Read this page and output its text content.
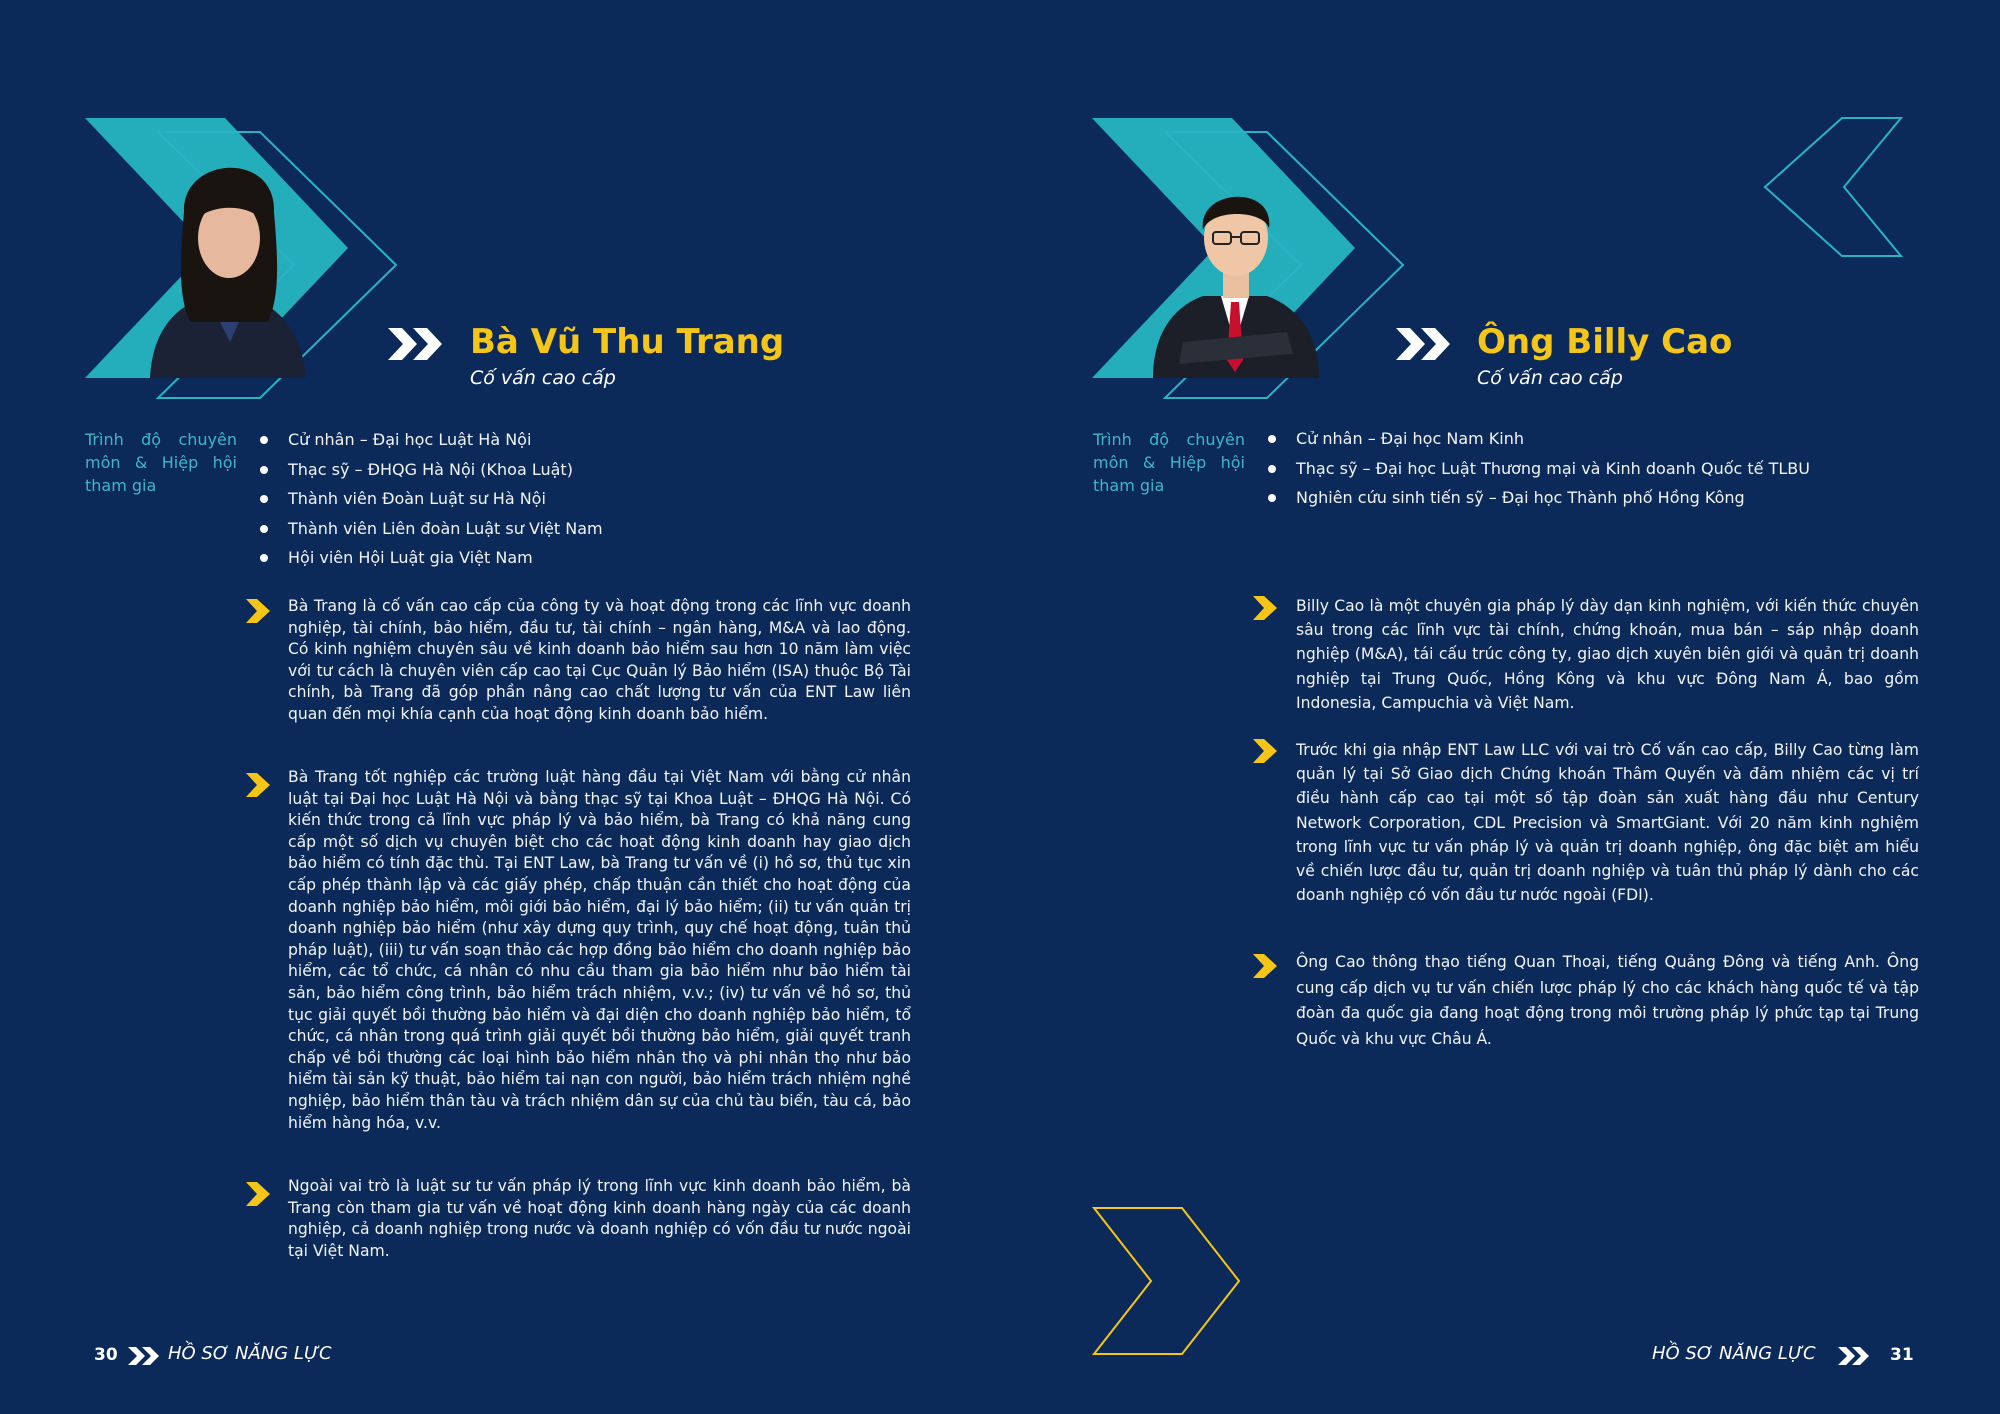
Bà Vũ Thu Trang
Cố vấn cao cấp
Trình độ chuyên môn & Hiệp hội tham gia
Cử nhân – Đại học Luật Hà Nội
Thạc sỹ – ĐHQG Hà Nội (Khoa Luật)
Thành viên Đoàn Luật sư Hà Nội
Thành viên Liên đoàn Luật sư Việt Nam
Hội viên Hội Luật gia Việt Nam
Bà Trang là cố vấn cao cấp của công ty và hoạt động trong các lĩnh vực doanh nghiệp, tài chính, bảo hiểm, đầu tư, tài chính – ngân hàng, M&A và lao động. Có kinh nghiệm chuyên sâu về kinh doanh bảo hiểm sau hơn 10 năm làm việc với tư cách là chuyên viên cấp cao tại Cục Quản lý Bảo hiểm (ISA) thuộc Bộ Tài chính, bà Trang đã góp phần nâng cao chất lượng tư vấn của ENT Law liên quan đến mọi khía cạnh của hoạt động kinh doanh bảo hiểm.
Bà Trang tốt nghiệp các trường luật hàng đầu tại Việt Nam với bằng cử nhân luật tại Đại học Luật Hà Nội và bằng thạc sỹ tại Khoa Luật – ĐHQG Hà Nội. Có kiến thức trong cả lĩnh vực pháp lý và bảo hiểm, bà Trang có khả năng cung cấp một số dịch vụ chuyên biệt cho các hoạt động kinh doanh hay giao dịch bảo hiểm có tính đặc thù. Tại ENT Law, bà Trang tư vấn về (i) hồ sơ, thủ tục xin cấp phép thành lập và các giấy phép, chấp thuận cần thiết cho hoạt động của doanh nghiệp bảo hiểm, môi giới bảo hiểm, đại lý bảo hiểm; (ii) tư vấn quản trị doanh nghiệp bảo hiểm (như xây dựng quy trình, quy chế hoạt động, tuân thủ pháp luật), (iii) tư vấn soạn thảo các hợp đồng bảo hiểm cho doanh nghiệp bảo hiểm, các tổ chức, cá nhân có nhu cầu tham gia bảo hiểm như bảo hiểm tài sản, bảo hiểm công trình, bảo hiểm trách nhiệm, v.v.; (iv) tư vấn về hồ sơ, thủ tục giải quyết bồi thường bảo hiểm và đại diện cho doanh nghiệp bảo hiểm, tổ chức, cá nhân trong quá trình giải quyết bồi thường bảo hiểm, giải quyết tranh chấp về bồi thường các loại hình bảo hiểm nhân thọ và phi nhân thọ như bảo hiểm tài sản kỹ thuật, bảo hiểm tai nạn con người, bảo hiểm trách nhiệm nghề nghiệp, bảo hiểm thân tàu và trách nhiệm dân sự của chủ tàu biển, tàu cá, bảo hiểm hàng hóa, v.v.
Ngoài vai trò là luật sư tư vấn pháp lý trong lĩnh vực kinh doanh bảo hiểm, bà Trang còn tham gia tư vấn về hoạt động kinh doanh hàng ngày của các doanh nghiệp, cả doanh nghiệp trong nước và doanh nghiệp có vốn đầu tư nước ngoài tại Việt Nam.
30	HỒ SƠ NĂNG LỰC
Ông Billy Cao
Cố vấn cao cấp
Trình độ chuyên môn & Hiệp hội tham gia
Cử nhân – Đại học Nam Kinh
Thạc sỹ – Đại học Luật Thương mại và Kinh doanh Quốc tế TLBU
Nghiên cứu sinh tiến sỹ – Đại học Thành phố Hồng Kông
Billy Cao là một chuyên gia pháp lý dày dạn kinh nghiệm, với kiến thức chuyên sâu trong các lĩnh vực tài chính, chứng khoán, mua bán – sáp nhập doanh nghiệp (M&A), tái cấu trúc công ty, giao dịch xuyên biên giới và quản trị doanh nghiệp tại Trung Quốc, Hồng Kông và khu vực Đông Nam Á, bao gồm Indonesia, Campuchia và Việt Nam.
Trước khi gia nhập ENT Law LLC với vai trò Cố vấn cao cấp, Billy Cao từng làm quản lý tại Sở Giao dịch Chứng khoán Thâm Quyến và đảm nhiệm các vị trí điều hành cấp cao tại một số tập đoàn sản xuất hàng đầu như Century Network Corporation, CDL Precision và SmartGiant. Với 20 năm kinh nghiệm trong lĩnh vực tư vấn pháp lý và quản trị doanh nghiệp, ông đặc biệt am hiểu về chiến lược đầu tư, quản trị doanh nghiệp và tuân thủ pháp lý dành cho các doanh nghiệp có vốn đầu tư nước ngoài (FDI).
Ông Cao thông thạo tiếng Quan Thoại, tiếng Quảng Đông và tiếng Anh. Ông cung cấp dịch vụ tư vấn chiến lược pháp lý cho các khách hàng quốc tế và tập đoàn đa quốc gia đang hoạt động trong môi trường pháp lý phức tạp tại Trung Quốc và khu vực Châu Á.
HỒ SƠ NĂNG LỰC	31
